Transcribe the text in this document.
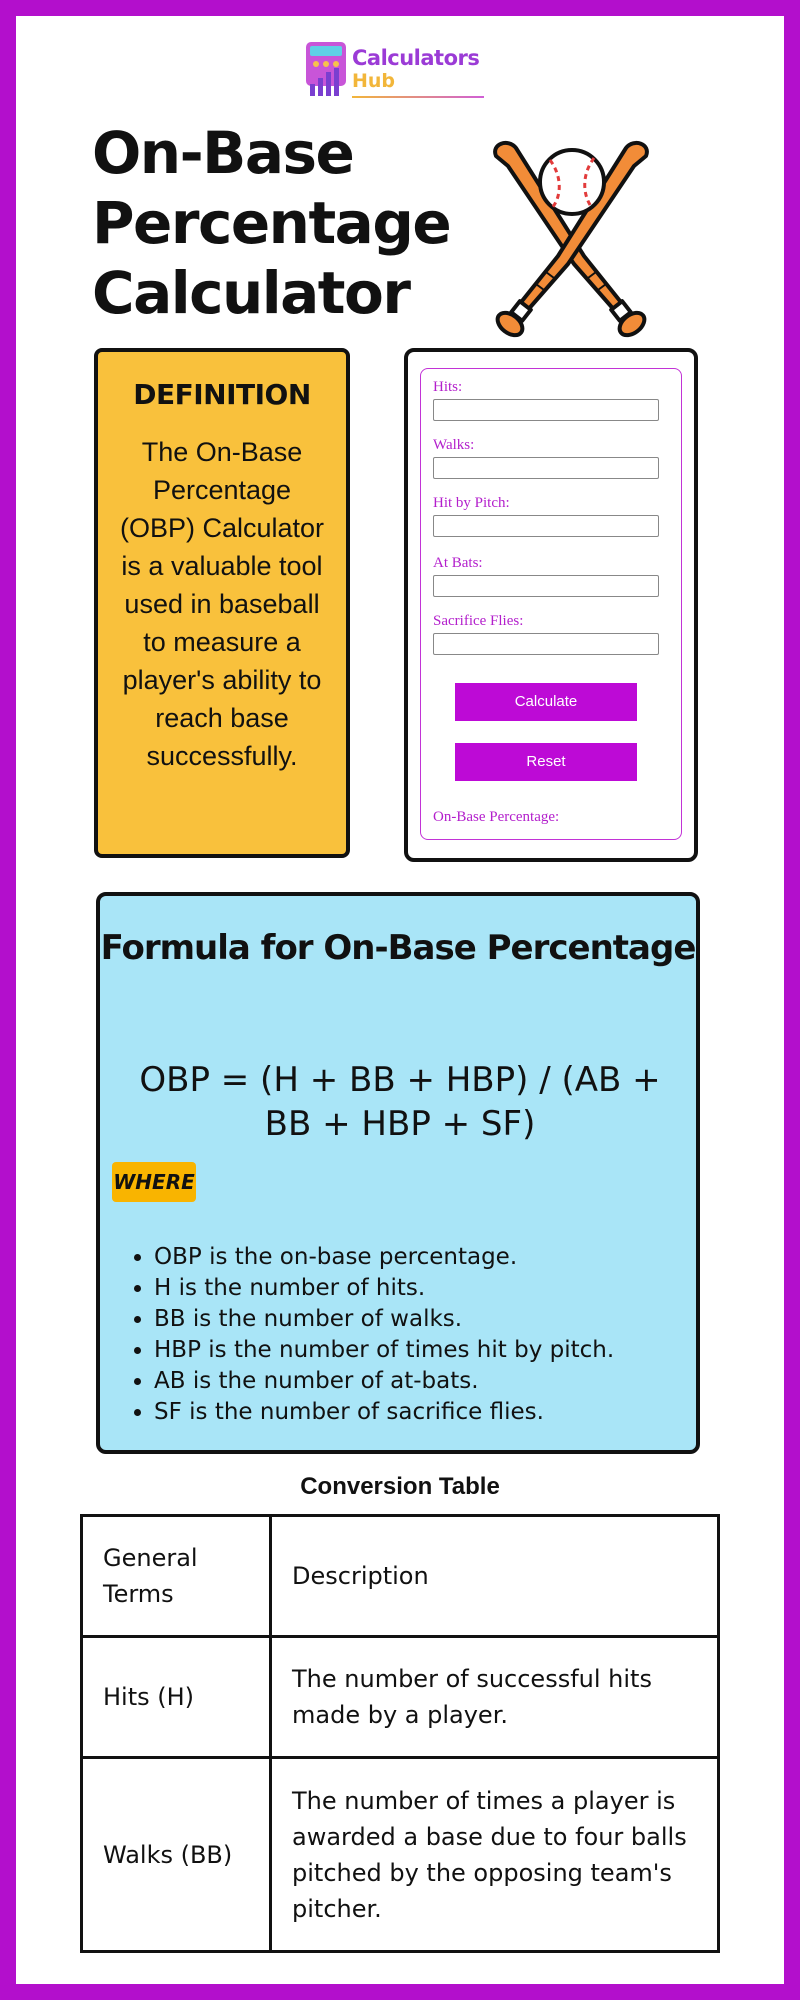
Calculators
Hub
On-Base
Percentage
Calculator
DEFINITION
The On-Base Percentage (OBP) Calculator is a valuable tool used in baseball to measure a player's ability to reach base successfully.
Hits:
Walks:
Hit by Pitch:
At Bats:
Sacrifice Flies:
Calculate
Reset
On-Base Percentage:
Formula for On-Base Percentage
OBP = (H + BB + HBP) / (AB + BB + HBP + SF)
WHERE
• OBP is the on-base percentage.
• H is the number of hits.
• BB is the number of walks.
• HBP is the number of times hit by pitch.
• AB is the number of at-bats.
• SF is the number of sacrifice flies.
Conversion Table
General Terms	Description
Hits (H)	The number of successful hits made by a player.
Walks (BB)	The number of times a player is awarded a base due to four balls pitched by the opposing team's pitcher.
